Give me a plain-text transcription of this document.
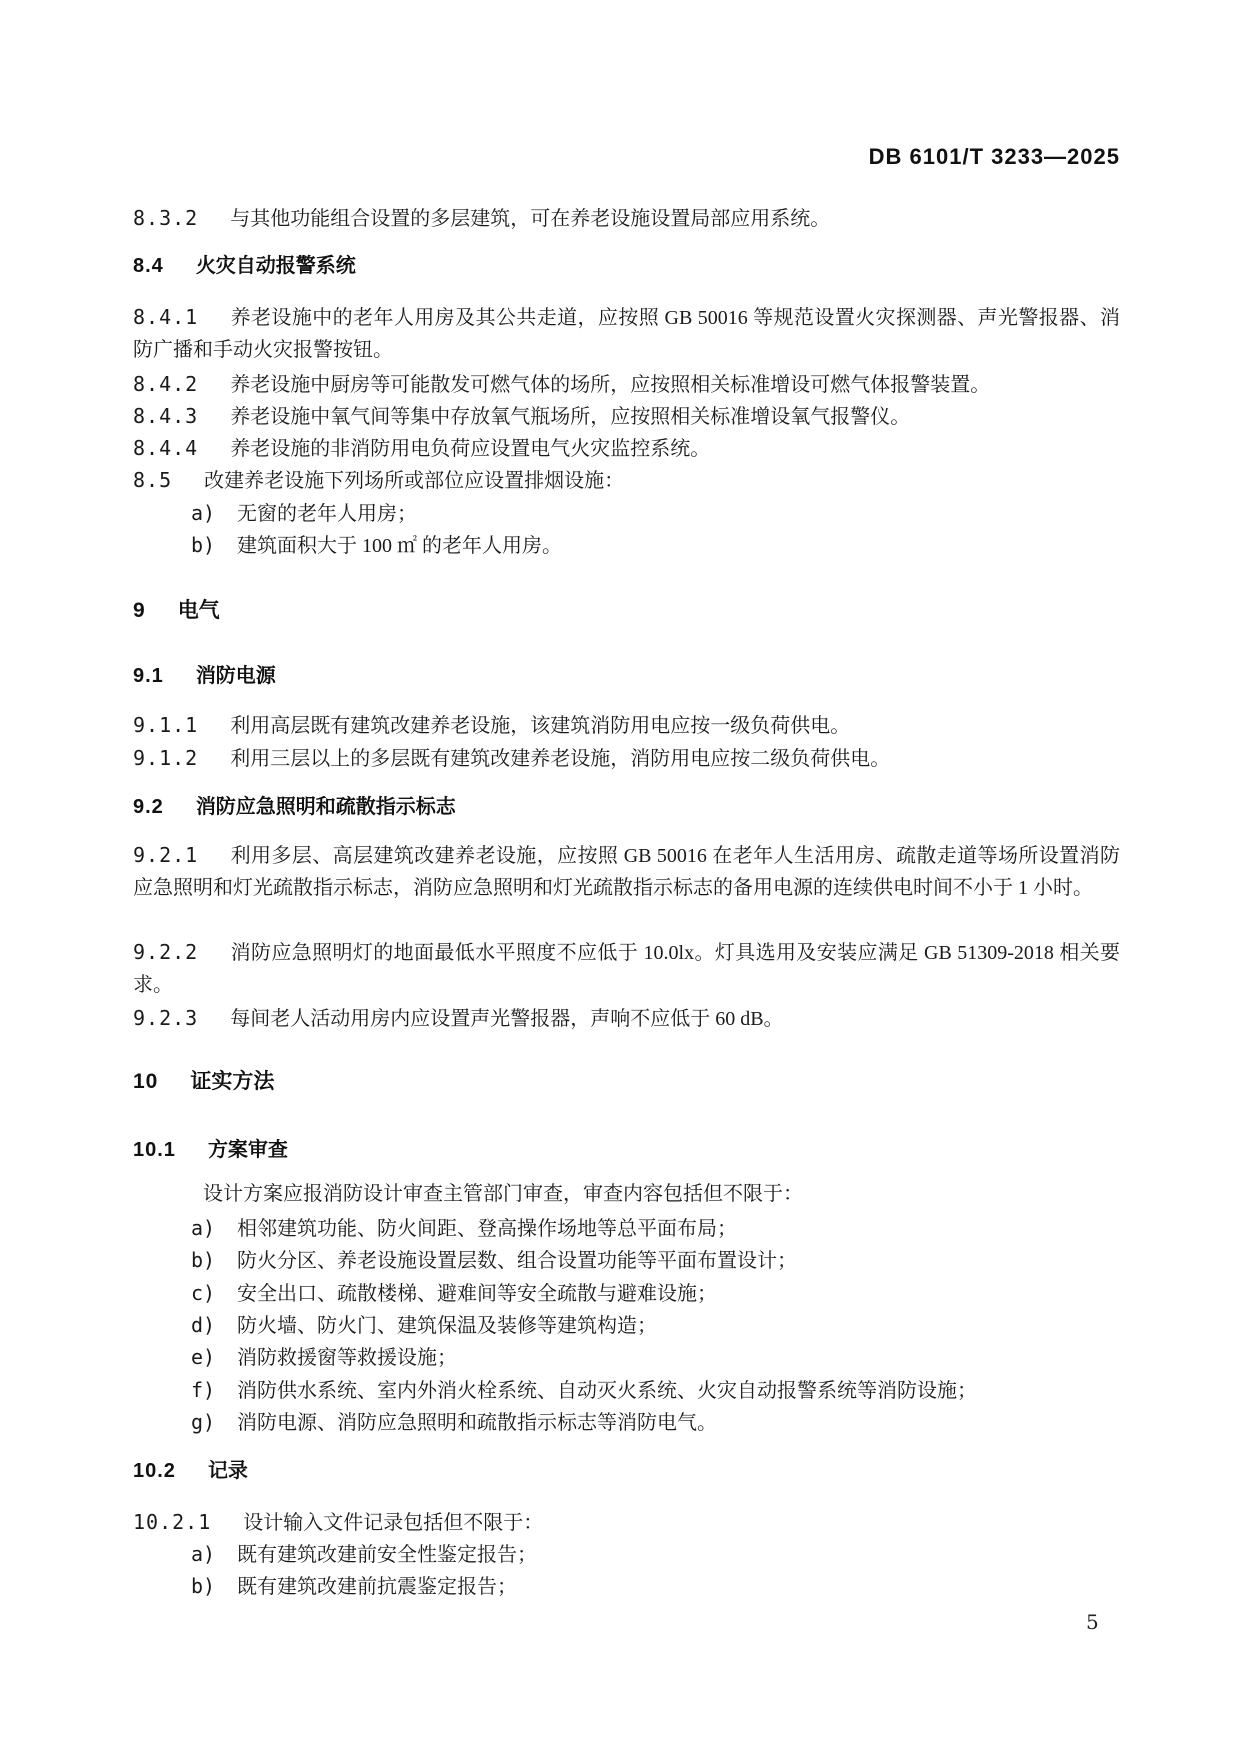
DB 6101/T 3233—2025
8.3.2 与其他功能组合设置的多层建筑，可在养老设施设置局部应用系统。
8.4 火灾自动报警系统
8.4.1 养老设施中的老年人用房及其公共走道，应按照 GB 50016 等规范设置火灾探测器、声光警报器、消防广播和手动火灾报警按钮。
8.4.2 养老设施中厨房等可能散发可燃气体的场所，应按照相关标准增设可燃气体报警装置。
8.4.3 养老设施中氧气间等集中存放氧气瓶场所，应按照相关标准增设氧气报警仪。
8.4.4 养老设施的非消防用电负荷应设置电气火灾监控系统。
8.5 改建养老设施下列场所或部位应设置排烟设施：
a) 无窗的老年人用房；
b) 建筑面积大于 100 ㎡ 的老年人用房。
9 电气
9.1 消防电源
9.1.1 利用高层既有建筑改建养老设施，该建筑消防用电应按一级负荷供电。
9.1.2 利用三层以上的多层既有建筑改建养老设施，消防用电应按二级负荷供电。
9.2 消防应急照明和疏散指示标志
9.2.1 利用多层、高层建筑改建养老设施，应按照 GB 50016 在老年人生活用房、疏散走道等场所设置消防应急照明和灯光疏散指示标志，消防应急照明和灯光疏散指示标志的备用电源的连续供电时间不小于 1 小时。
9.2.2 消防应急照明灯的地面最低水平照度不应低于 10.0lx。灯具选用及安装应满足 GB 51309-2018 相关要求。
9.2.3 每间老人活动用房内应设置声光警报器，声响不应低于 60 dB。
10 证实方法
10.1 方案审查
设计方案应报消防设计审查主管部门审查，审查内容包括但不限于：
a) 相邻建筑功能、防火间距、登高操作场地等总平面布局；
b) 防火分区、养老设施设置层数、组合设置功能等平面布置设计；
c) 安全出口、疏散楼梯、避难间等安全疏散与避难设施；
d) 防火墙、防火门、建筑保温及装修等建筑构造；
e) 消防救援窗等救援设施；
f) 消防供水系统、室内外消火栓系统、自动灭火系统、火灾自动报警系统等消防设施；
g) 消防电源、消防应急照明和疏散指示标志等消防电气。
10.2 记录
10.2.1 设计输入文件记录包括但不限于：
a) 既有建筑改建前安全性鉴定报告；
b) 既有建筑改建前抗震鉴定报告；
5
